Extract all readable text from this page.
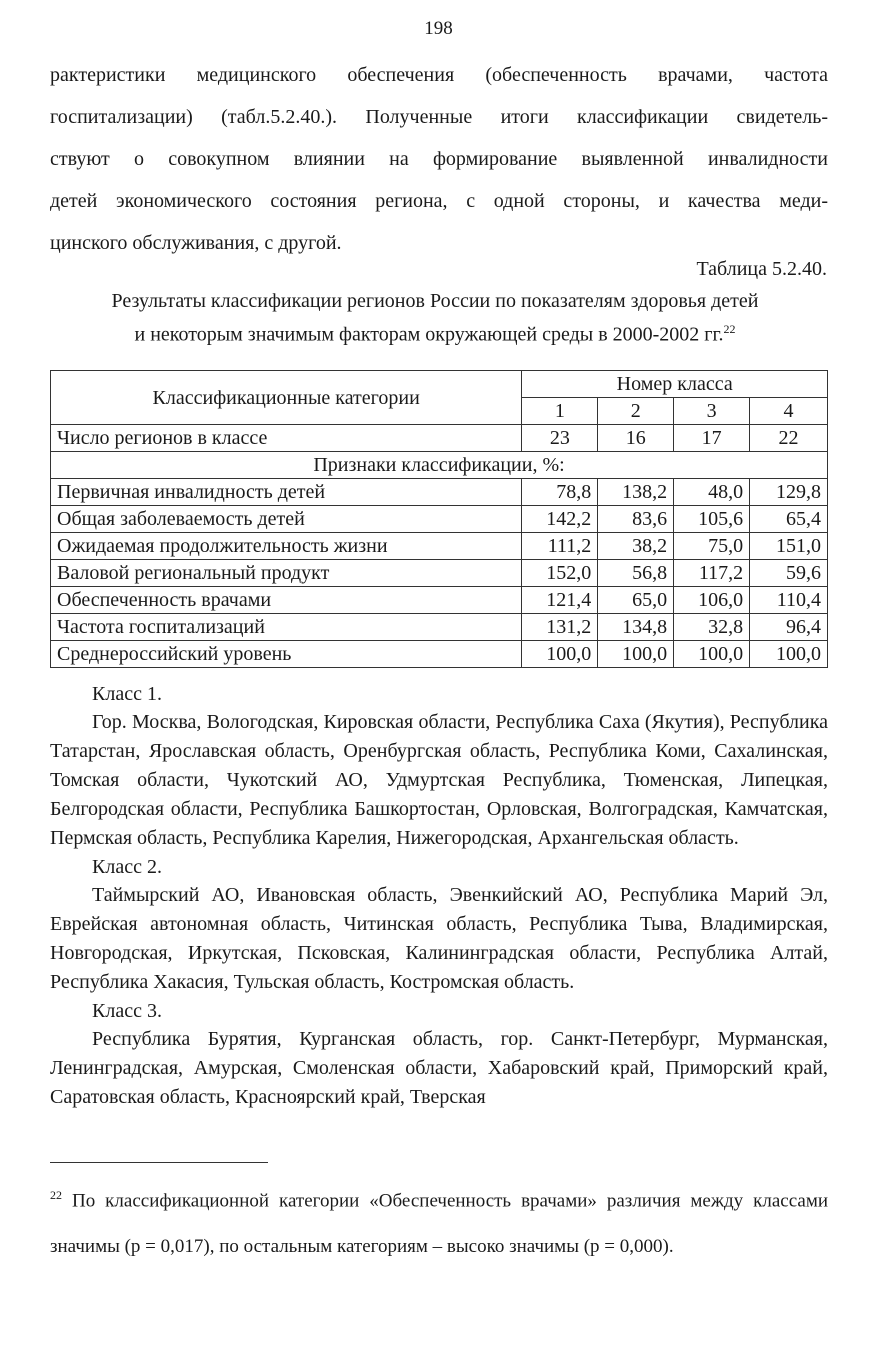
198
рактеристики медицинского обеспечения (обеспеченность врачами, частота
госпитализации) (табл.5.2.40.). Полученные итоги классификации свидетель-
ствуют о совокупном влиянии на формирование выявленной инвалидности
детей экономического состояния региона, с одной стороны, и качества меди-
цинского обслуживания, с другой.
Таблица 5.2.40.
Результаты классификации регионов России по показателям здоровья детей
и некоторым значимым факторам окружающей среды в 2000-2002 гг.$^{22}$
Классификационные категории	Номер класса			
	1	2	3	4
Число регионов в классе	23	16	17	22
Признаки классификации, %:				
Первичная инвалидность детей	78,8	138,2	48,0	129,8
Общая заболеваемость детей	142,2	83,6	105,6	65,4
Ожидаемая продолжительность жизни	111,2	38,2	75,0	151,0
Валовой региональный продукт	152,0	56,8	117,2	59,6
Обеспеченность врачами	121,4	65,0	106,0	110,4
Частота госпитализаций	131,2	134,8	32,8	96,4
Среднероссийский уровень	100,0	100,0	100,0	100,0
Класс 1.
Гор. Москва, Вологодская, Кировская области, Республика Саха (Якутия), Республика Татарстан, Ярославская область, Оренбургская область, Республика Коми, Сахалинская, Томская области, Чукотский АО, Удмуртская Республика, Тюменская, Липецкая, Белгородская области, Республика Башкортостан, Орловская, Волгоградская, Камчатская, Пермская область, Республика Карелия, Нижегородская, Архангельская область.
Класс 2.
Таймырский АО, Ивановская область, Эвенкийский АО, Республика Марий Эл, Еврейская автономная область, Читинская область, Республика Тыва, Владимирская, Новгородская, Иркутская, Псковская, Калининградская области, Республика Алтай, Республика Хакасия, Тульская область, Костромская область.
Класс 3.
Республика Бурятия, Курганская область, гор. Санкт-Петербург, Мурманская, Ленинградская, Амурская, Смоленская области, Хабаровский край, Приморский край, Саратовская область, Красноярский край, Тверская
$^{22}$ По классификационной категории «Обеспеченность врачами» различия между классами значимы (p = 0,017), по остальным категориям – высоко значимы (p = 0,000).
